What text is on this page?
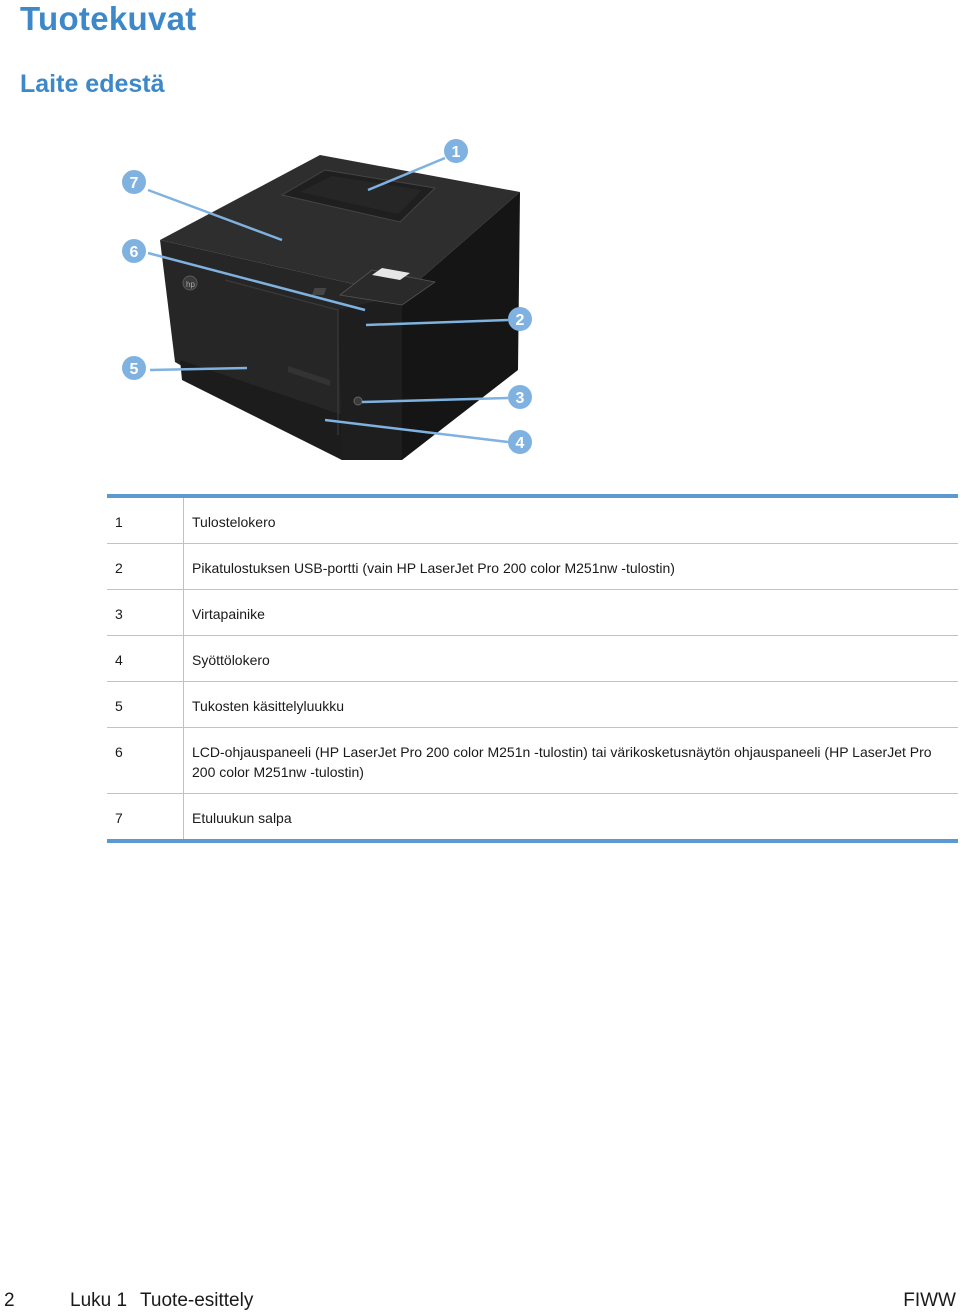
Tuotekuvat
Laite edestä
hp
1
2
3
4
5
6
7
1	Tulostelokero
2	Pikatulostuksen USB-portti (vain HP LaserJet Pro 200 color M251nw -tulostin)
3	Virtapainike
4	Syöttölokero
5	Tukosten käsittelyluukku
6	LCD-ohjauspaneeli (HP LaserJet Pro 200 color M251n -tulostin) tai värikosketusnäytön ohjauspaneeli (HP LaserJet Pro 200 color M251nw -tulostin)
7	Etuluukun salpa
2	Luku 1 Tuote-esittely	FIWW
